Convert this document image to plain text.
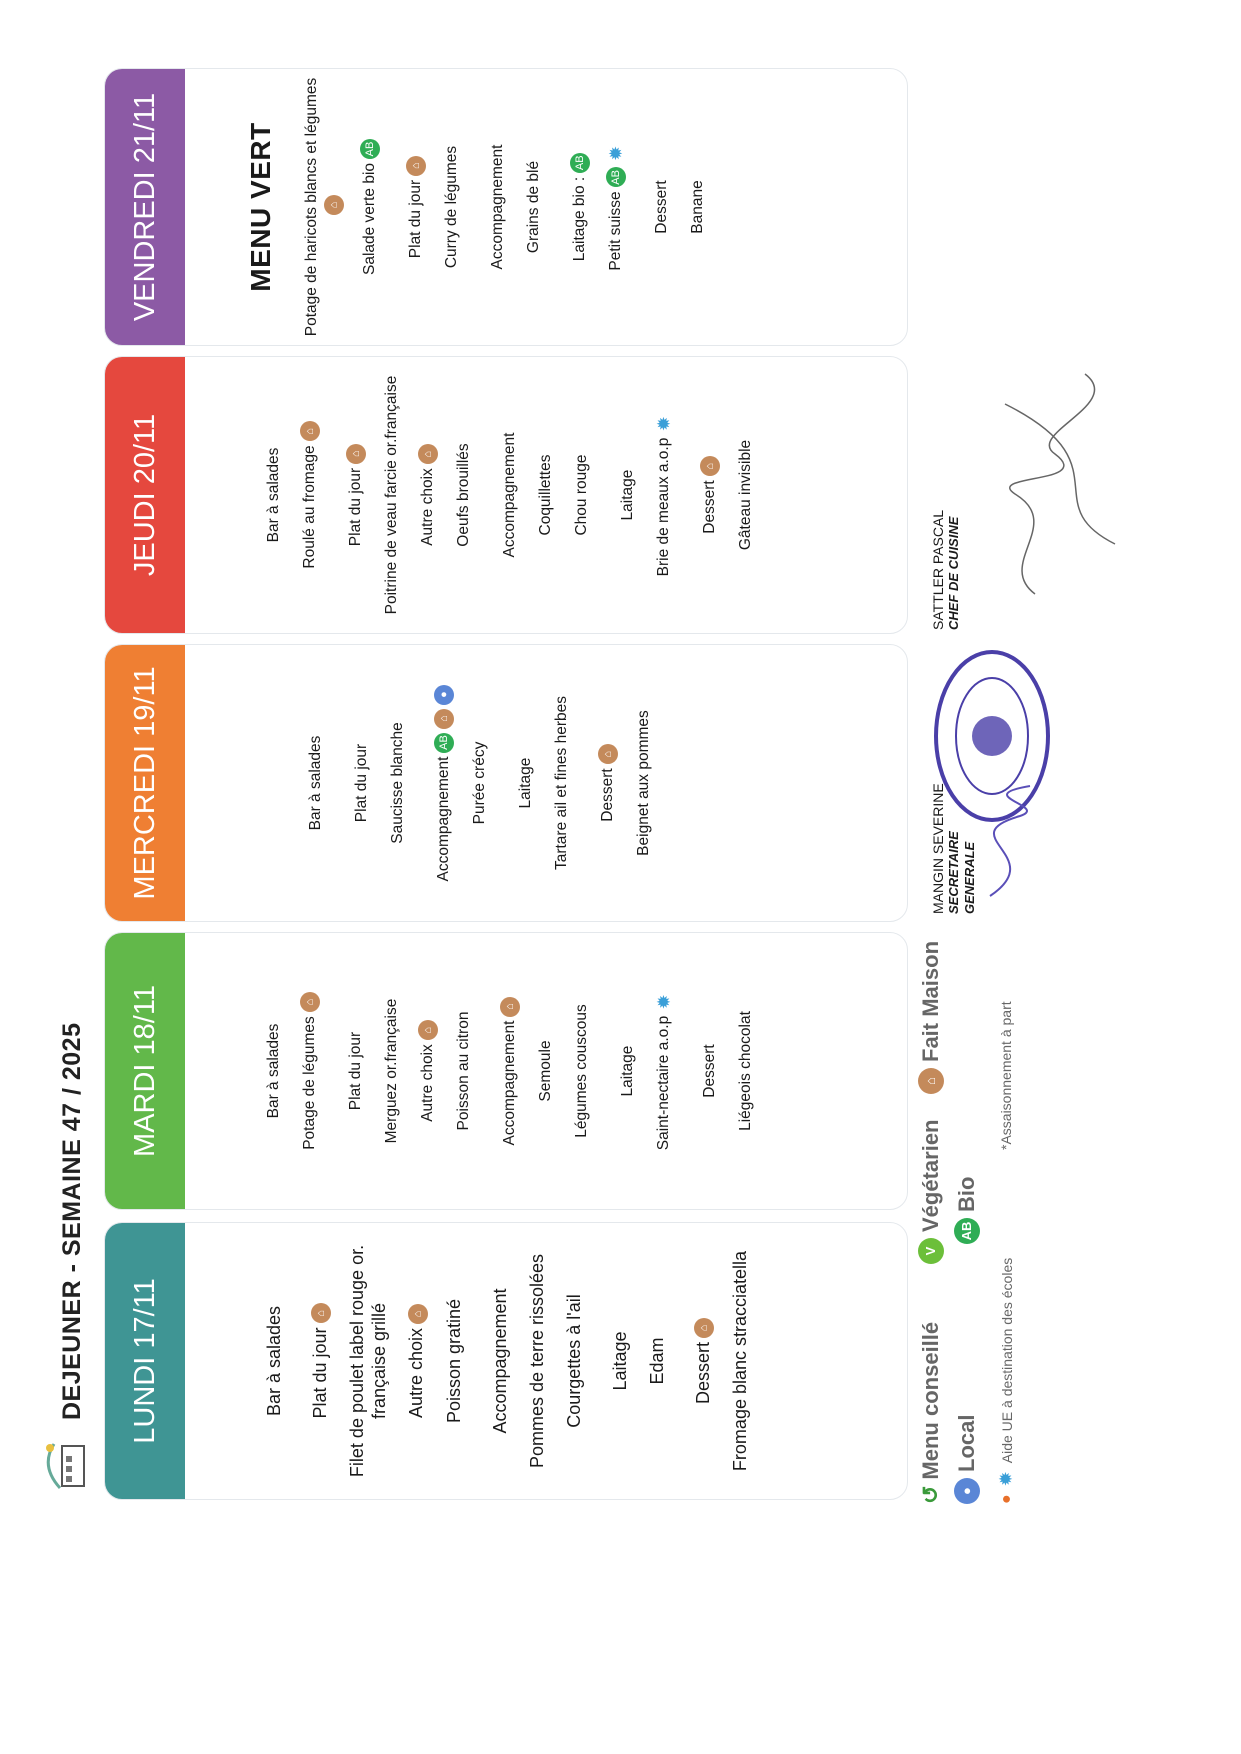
DEJEUNER - SEMAINE 47 / 2025	LUNDI 17/11	Bar à salades Plat du jour⌂ Filet de poulet label rouge or. française grillé Autre choix⌂ Poisson gratiné Accompagnement Pommes de terre rissolées Courgettes à l'ail Laitage Edam Dessert⌂ Fromage blanc stracciatella
MARDI 18/11	Bar à salades Potage de légumes⌂
Plat du jour Merguez or.française Autre choix⌂	Poisson au citron Accompagnement⌂
Semoule Légumes couscous Laitage Saint-nectaire a.o.p✹
Dessert Liégeois chocolat
MERCREDI 19/11	Bar à salades Plat du jour Saucisse blanche AccompagnementAB⌂●
Purée crécy Laitage Tartare ail et fines herbes Dessert⌂	Beignet aux pommes
JEUDI 20/11	Bar à salades Roulé au fromage⌂
Plat du jour⌂	Poitrine de veau farcie or.française Autre choix⌂	Oeufs brouillés Accompagnement Coquillettes Chou rouge Laitage Brie de meaux a.o.p✹
Dessert⌂	Gâteau invisible
VENDREDI 21/11	MENU VERT Potage de haricots blancs et légumes ⌂	Salade verte bioAB
Plat du jour⌂	Curry de légumes Accompagnement Grains de blé Laitage bio :AB
Petit suisseAB✹
Dessert Banane
↺
Menu conseillé
V
Végétarien
⌂
Fait Maison
●
Local
AB
Bio
●
✹
Aide UE à destination des écoles
*Assaisonnement à part
MANGIN SEVERINE SECRETAIRE GENERALE
SATTLER PASCAL CHEF DE CUISINE
